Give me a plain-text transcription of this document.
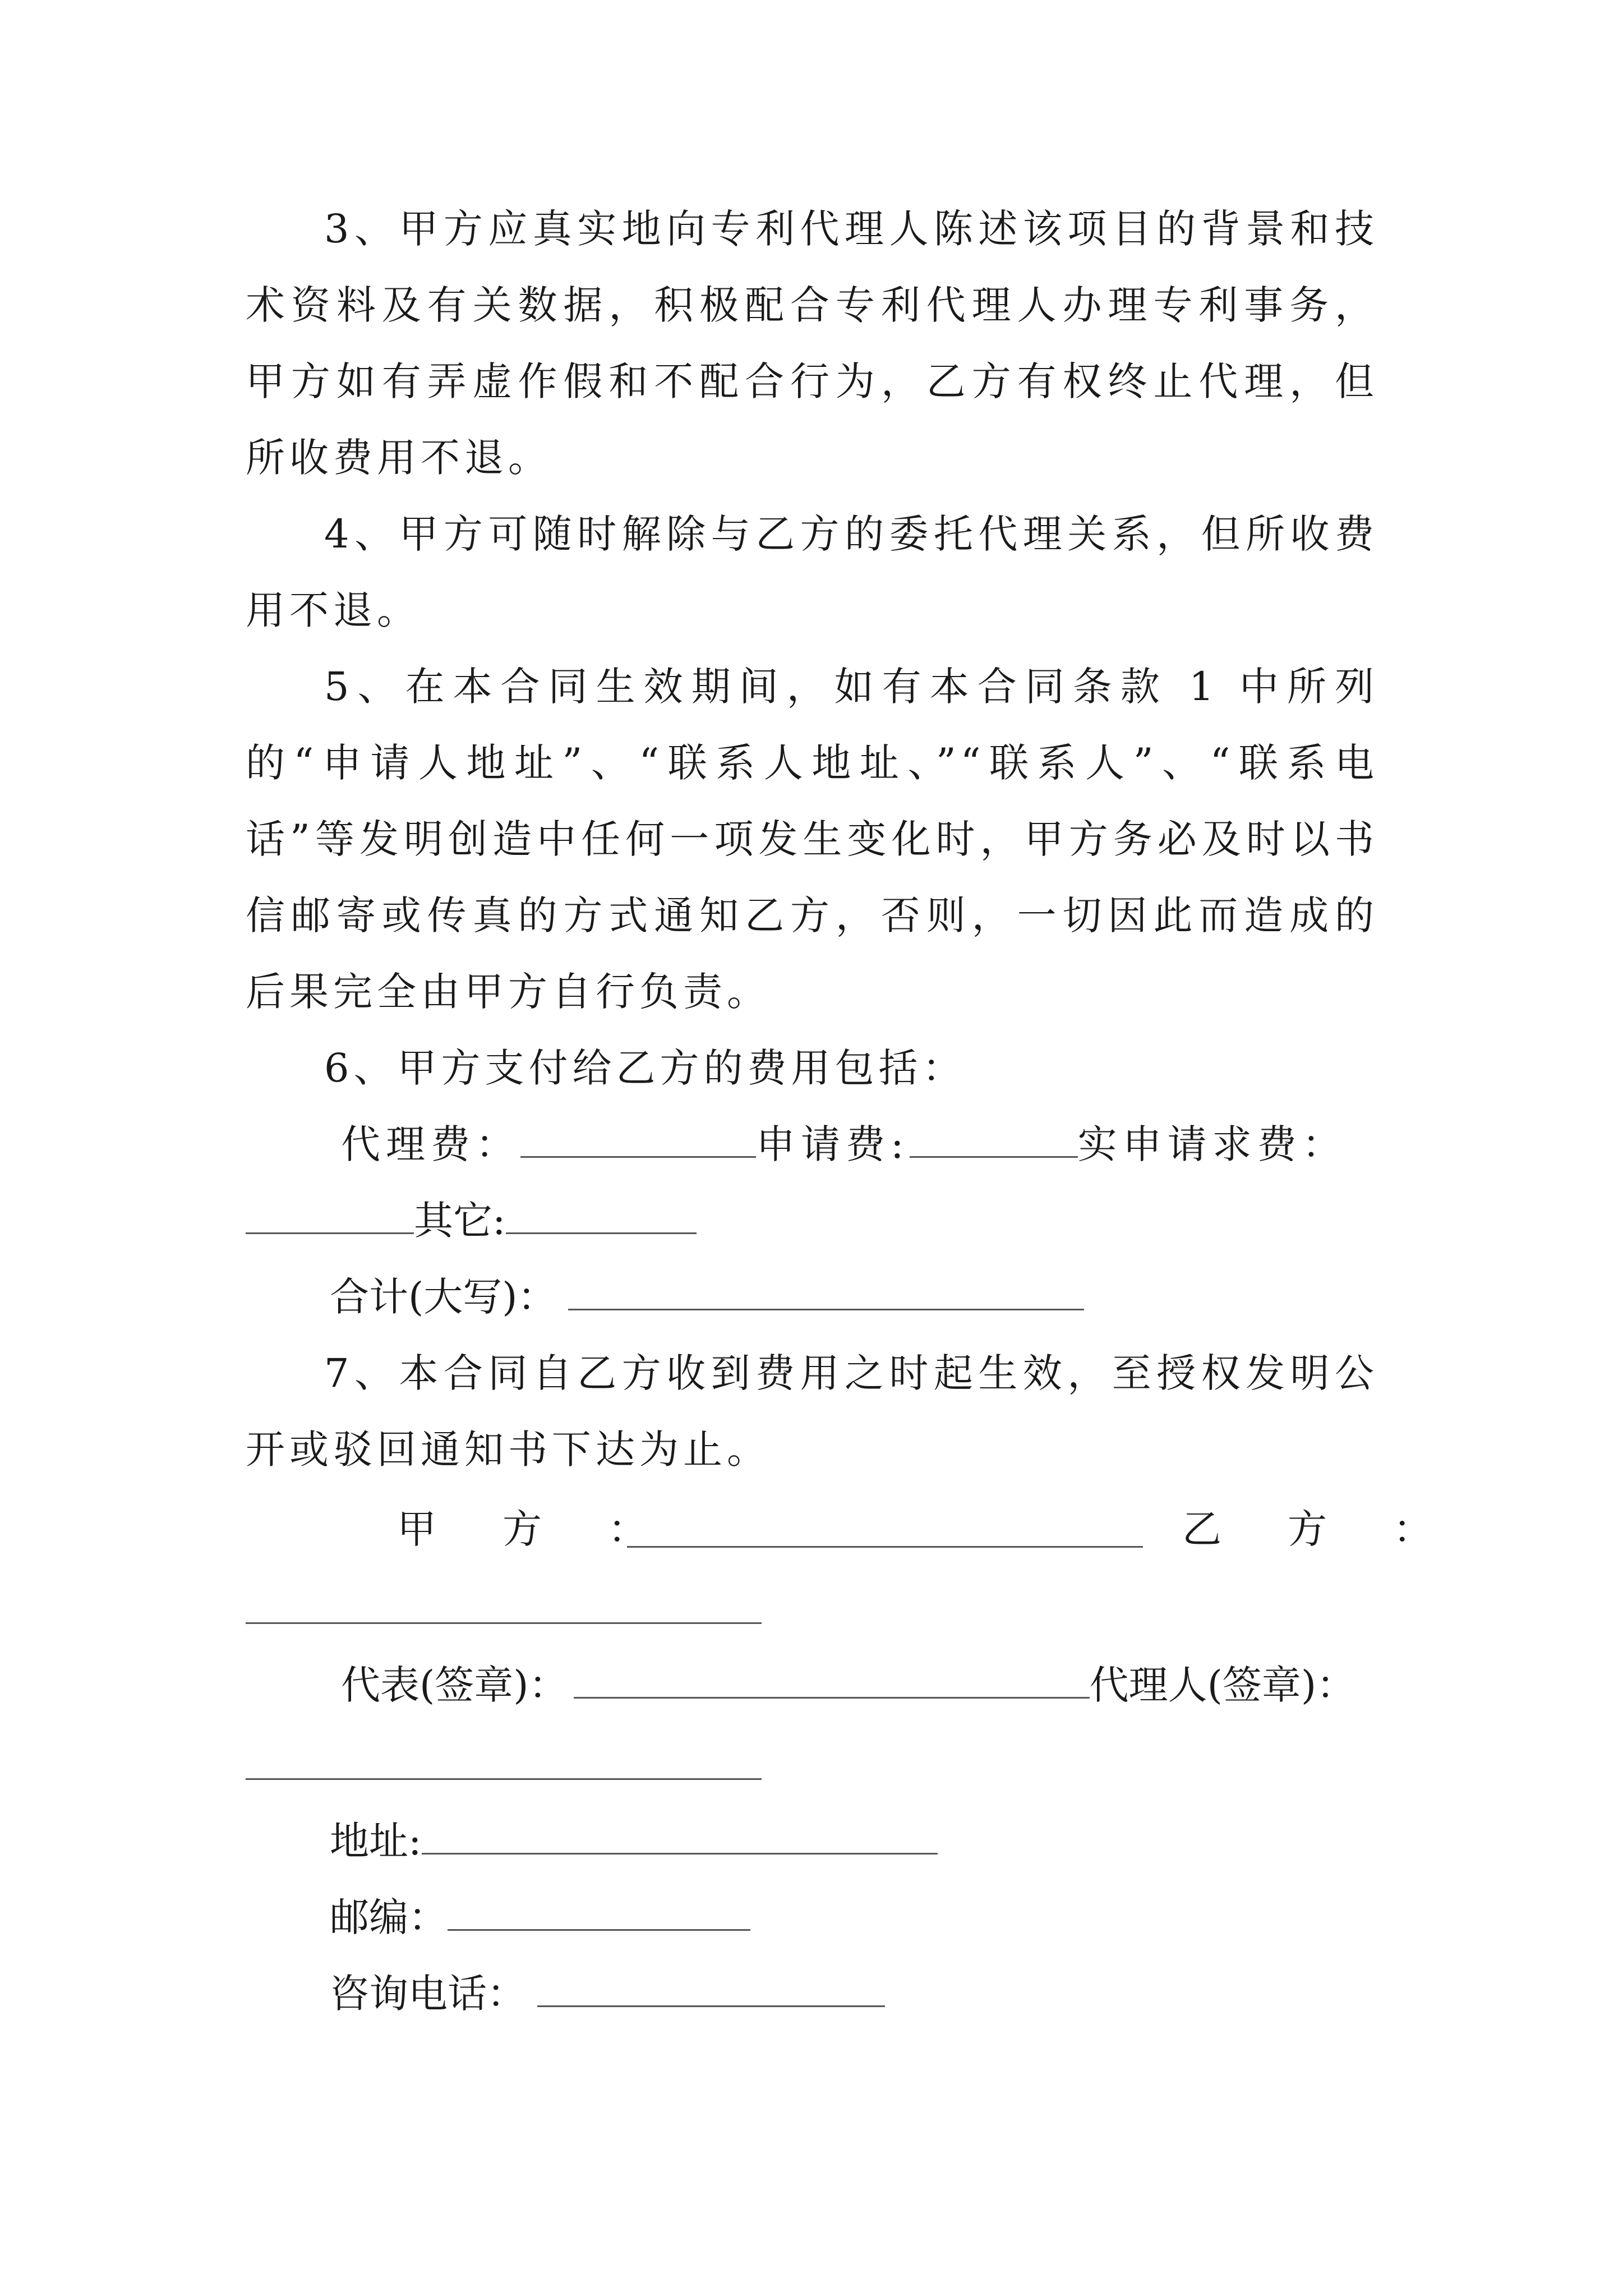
3、甲方应真实地向专利代理人陈述该项目的背景和技术资料及有关数据，积极配合专利代理人办理专利事务，甲方如有弄虚作假和不配合行为，乙方有权终止代理，但所收费用不退。

4、甲方可随时解除与乙方的委托代理关系，但所收费用不退。

5、在本合同生效期间，如有本合同条款 1 中所列的“申请人地址”、“联系人地址、”“联系人”、“联系电话”等发明创造中任何一项发生变化时，甲方务必及时以书信邮寄或传真的方式通知乙方，否则，一切因此而造成的后果完全由甲方自行负责。

6、甲方支付给乙方的费用包括：

代理费：	申请费:	实申请求费：
其它:
合计(大写)：

7、本合同自乙方收到费用之时起生效，至授权发明公开或驳回通知书下达为止。

甲　方　：	乙　方　：
代表(签章)：	代理人(签章)：
地址:
邮编：
咨询电话：
